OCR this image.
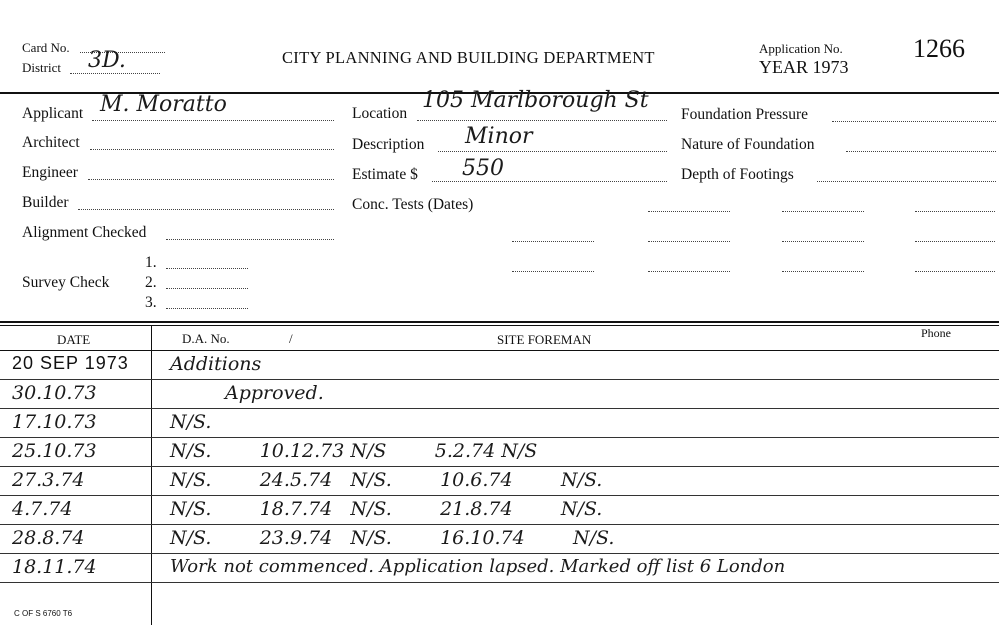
Card No.
District 3D.	CITY PLANNING AND BUILDING DEPARTMENT	Application No.
YEAR 1973
1266
Applicant M. Moratto
Architect
Engineer
Builder
Alignment Checked
Survey Check
1.
2.
3.
Location
105 Marlborough St
Description Minor
Estimate $ 550
Conc. Tests (Dates)
Foundation Pressure
Nature of Foundation
Depth of Footings
DATE	D.A. No.	/	SITE FOREMAN	Phone
20 SEP 1973 Additions
30.10.73	Approved.
17.10.73	N/S.
25.10.73	N/S.        10.12.73 N/S        5.2.74 N/S
27.3.74	N/S.        24.5.74   N/S.        10.6.74        N/S.
4.7.74	N/S.        18.7.74   N/S.        21.8.74        N/S.
28.8.74	N/S.        23.9.74   N/S.        16.10.74        N/S.
18.11.74	Work not commenced. Application lapsed. Marked off list 6 London
C OF S 6760 T6
